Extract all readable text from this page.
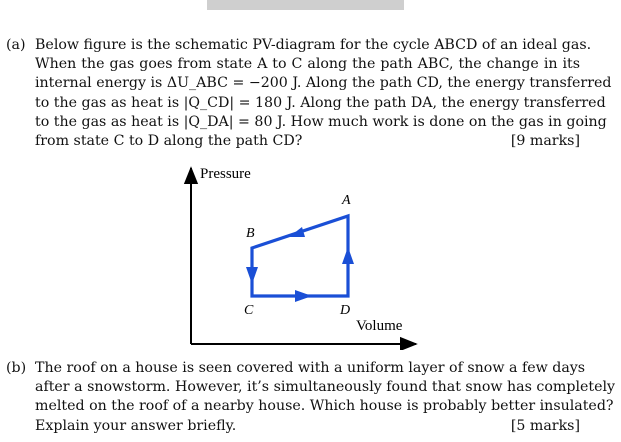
(a) Below figure is the schematic PV-diagram for the cycle ABCD of an ideal gas.
When the gas goes from state A to C along the path ABC, the change in its
internal energy is ΔU_ABC = −200 J. Along the path CD, the energy transferred
to the gas as heat is |Q_CD| = 180 J. Along the path DA, the energy transferred
to the gas as heat is |Q_DA| = 80 J. How much work is done on the gas in going
from state C to D along the path CD?	[9 marks]
Pressure
Volume
A
B
C	D
(b) The roof on a house is seen covered with a uniform layer of snow a few days
after a snowstorm. However, it’s simultaneously found that snow has completely
melted on the roof of a nearby house. Which house is probably better insulated?
Explain your answer briefly.	[5 marks]
